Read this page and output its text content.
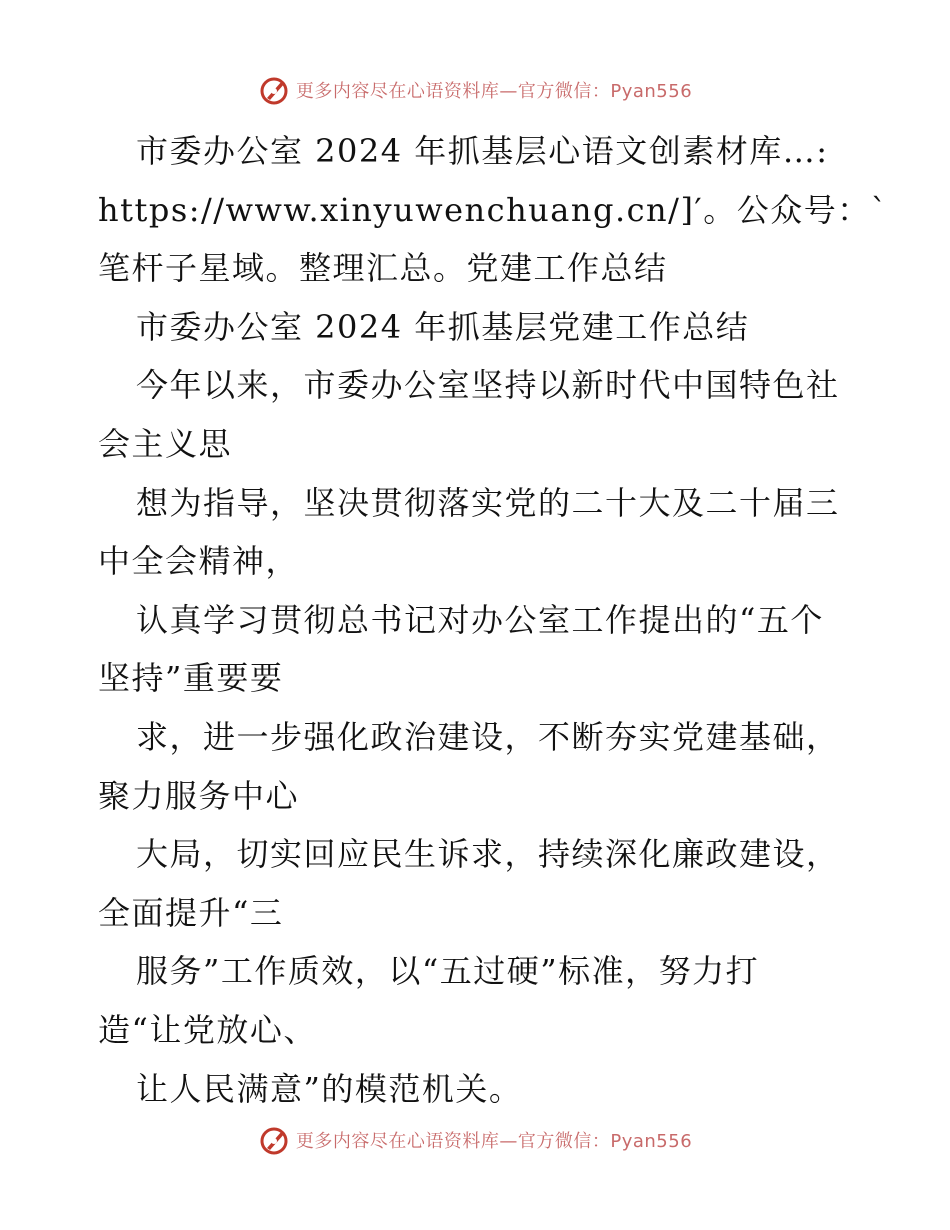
更多内容尽在心语资料库—官方微信：Pyan556
市委办公室 2024 年抓基层心语文创素材库…:
https://www.xinyuwenchuang.cn/]′。公众号：`
笔杆子星域。整理汇总。党建工作总结
市委办公室 2024 年抓基层党建工作总结
今年以来，市委办公室坚持以新时代中国特色社
会主义思
想为指导，坚决贯彻落实党的二十大及二十届三
中全会精神，
认真学习贯彻总书记对办公室工作提出的“五个
坚持”重要要
求，进一步强化政治建设，不断夯实党建基础，
聚力服务中心
大局，切实回应民生诉求，持续深化廉政建设，
全面提升“三
服务”工作质效，以“五过硬”标准，努力打
造“让党放心、
让人民满意”的模范机关。
更多内容尽在心语资料库—官方微信：Pyan556
